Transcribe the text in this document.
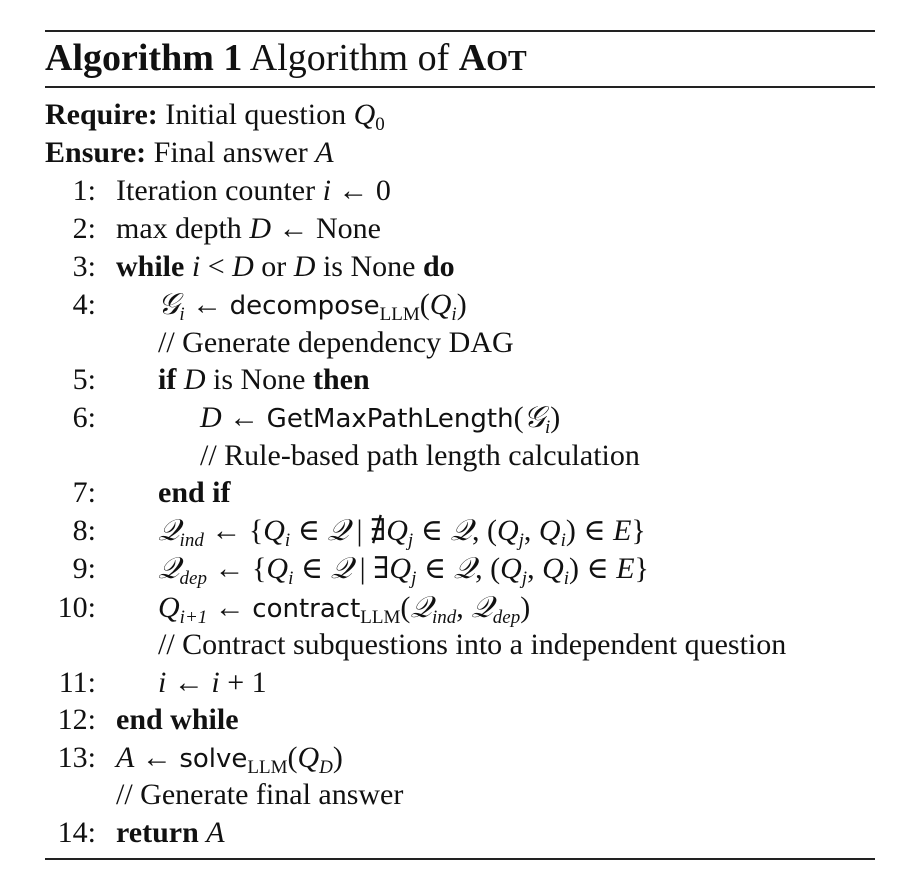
Algorithm 1 Algorithm of AOT
Require: Initial question $Q_0$
Ensure: Final answer A
1: Iteration counter i ← 0
2: max depth D ← None
3: while i < D or D is None do
4: 𝒢$_i$ ← $decompose_{LLM}(Q_i)$
// Generate dependency DAG
5: if D is None then
6:	D ← GetMaxPathLength(𝒢$_i$)
// Rule-based path length calculation
7: end if
8: 𝒬$_{ind}$ ← {$Q_i$ ∈ 𝒬 | $∄Q_j$ ∈ 𝒬, ($Q_j$, $Q_i$) ∈ E}
9: 𝒬$_{dep}$ ← {$Q_i$ ∈ 𝒬 | $\exists Q_j$ ∈ 𝒬, ($Q_j$, $Q_i$) ∈ E}
10: $Q_{i+1}$ ← contract$_{LLM}$(𝒬$_{ind}$, 𝒬$_{dep}$)
// Contract subquestions into a independent question
11: i ← i + 1
12: end while
13: A ← $solve_{LLM}(Q_D)$
// Generate final answer
14: return A
